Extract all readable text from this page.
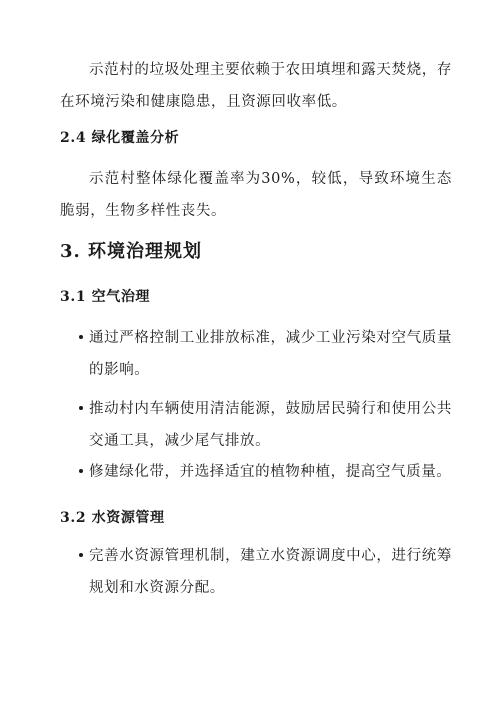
示范村的垃圾处理主要依赖于农田填埋和露天焚烧，存在环境污染和健康隐患，且资源回收率低。

2.4 绿化覆盖分析

示范村整体绿化覆盖率为30%，较低，导致环境生态脆弱，生物多样性丧失。

3. 环境治理规划
3.1 空气治理

通过严格控制工业排放标准，减少工业污染对空气质量的影响。

推动村内车辆使用清洁能源，鼓励居民骑行和使用公共交通工具，减少尾气排放。

修建绿化带，并选择适宜的植物种植，提高空气质量。

3.2 水资源管理

完善水资源管理机制，建立水资源调度中心，进行统筹规划和水资源分配。
